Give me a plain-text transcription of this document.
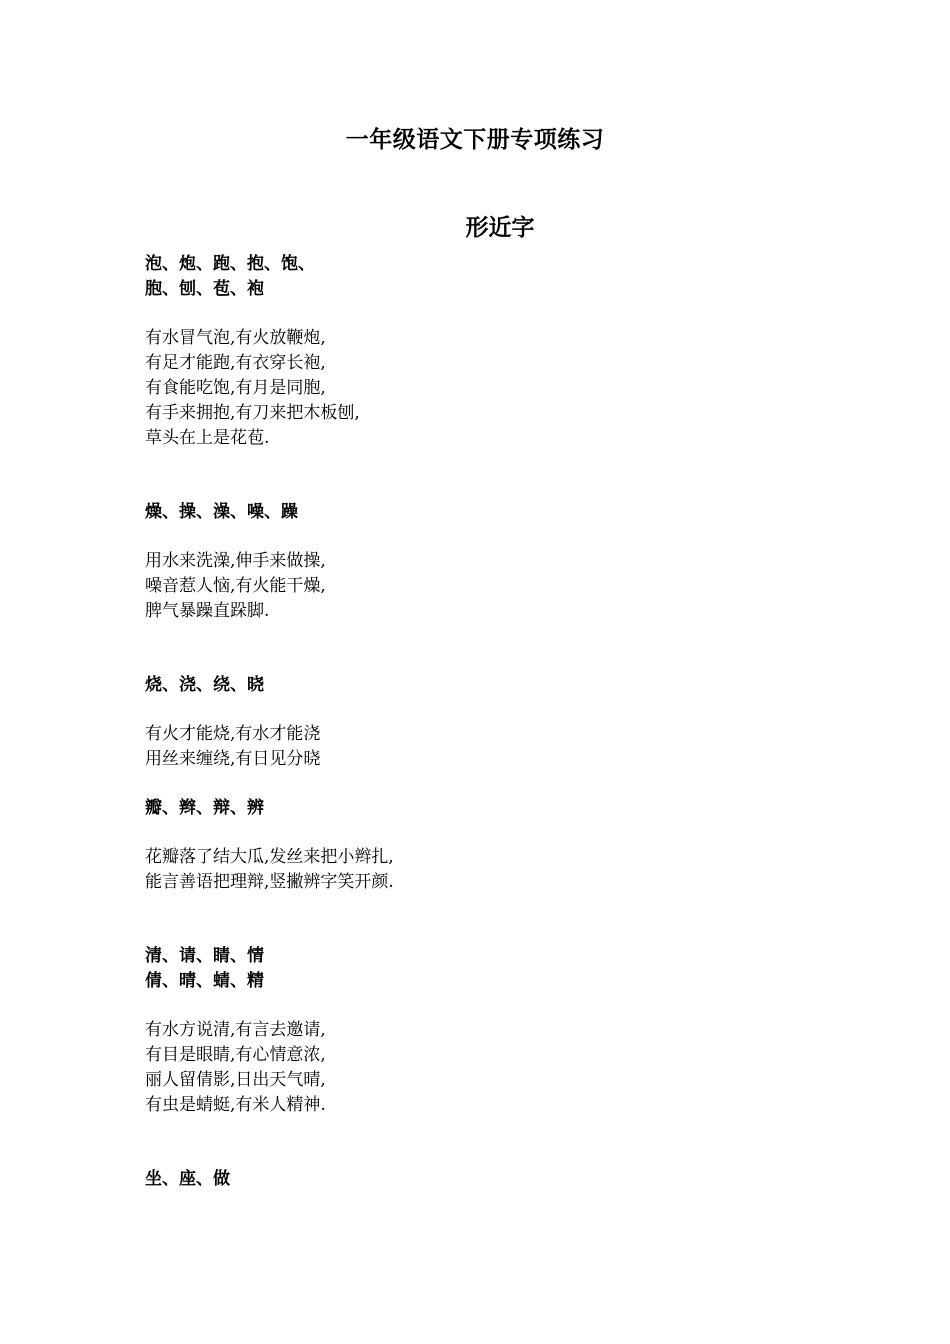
一年级语文下册专项练习
形近字
泡、炮、跑、抱、饱、
胞、刨、苞、袍
有水冒气泡,有火放鞭炮,
有足才能跑,有衣穿长袍,
有食能吃饱,有月是同胞,
有手来拥抱,有刀来把木板刨,
草头在上是花苞.
燥、操、澡、噪、躁
用水来洗澡,伸手来做操,
噪音惹人恼,有火能干燥,
脾气暴躁直跺脚.
烧、浇、绕、晓
有火才能烧,有水才能浇
用丝来缠绕,有日见分晓
瓣、辫、辩、辨
花瓣落了结大瓜,发丝来把小辫扎,
能言善语把理辩,竖撇辨字笑开颜.
清、请、睛、情
倩、晴、蜻、精
有水方说清,有言去邀请,
有目是眼睛,有心情意浓,
丽人留倩影,日出天气晴,
有虫是蜻蜓,有米人精神.
坐、座、做
